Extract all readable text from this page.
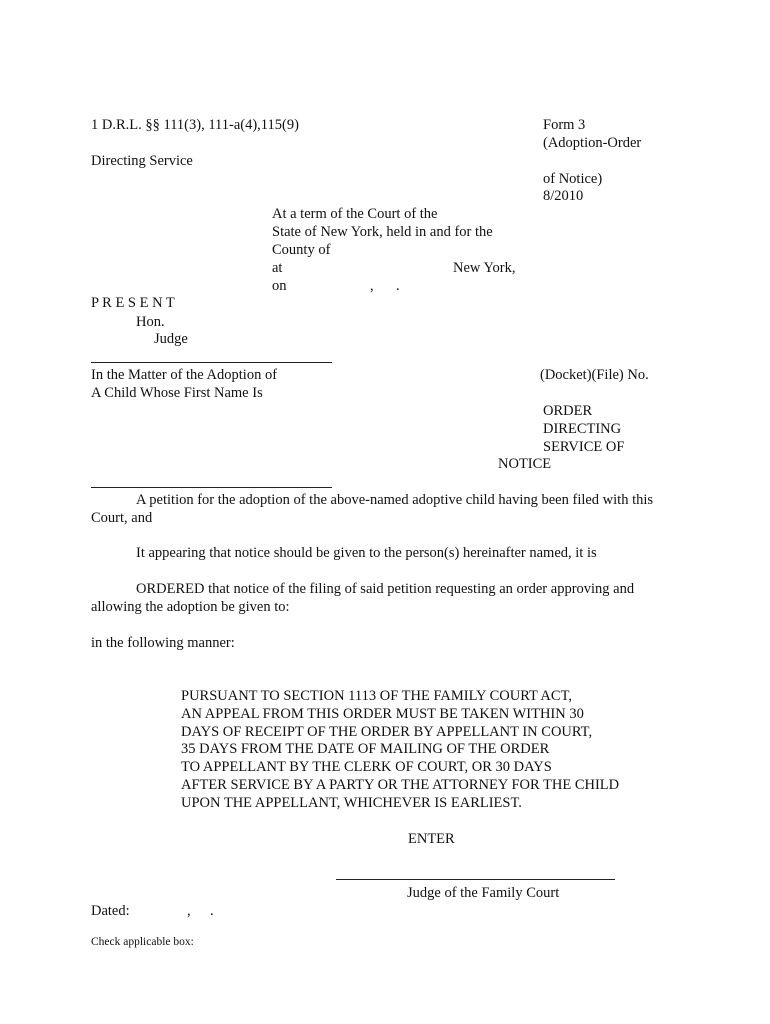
1 D.R.L. §§ 111(3), 111-a(4),115(9)
Directing Service
Form 3
(Adoption-Order
of Notice)
8/2010
At a term of the Court of the
State of New York, held in and for the
County of
at	New York,
on	, .
P R E S E N T
Hon.
Judge
In the Matter of the Adoption of
A Child Whose First Name Is
(Docket)(File) No.
ORDER
DIRECTING
SERVICE OF
NOTICE
A petition for the adoption of the above-named adoptive child having been filed with this
Court, and
It appearing that notice should be given to the person(s) hereinafter named, it is
ORDERED that notice of the filing of said petition requesting an order approving and
allowing the adoption be given to:
in the following manner:
PURSUANT TO SECTION 1113 OF THE FAMILY COURT ACT,
AN APPEAL FROM THIS ORDER MUST BE TAKEN WITHIN 30
DAYS OF RECEIPT OF THE ORDER BY APPELLANT IN COURT,
35 DAYS FROM THE DATE OF MAILING OF THE ORDER
TO APPELLANT BY THE CLERK OF COURT, OR 30 DAYS
AFTER SERVICE BY A PARTY OR THE ATTORNEY FOR THE CHILD
UPON THE APPELLANT, WHICHEVER IS EARLIEST.
ENTER
Judge of the Family Court
Dated:	, .
Check applicable box:
